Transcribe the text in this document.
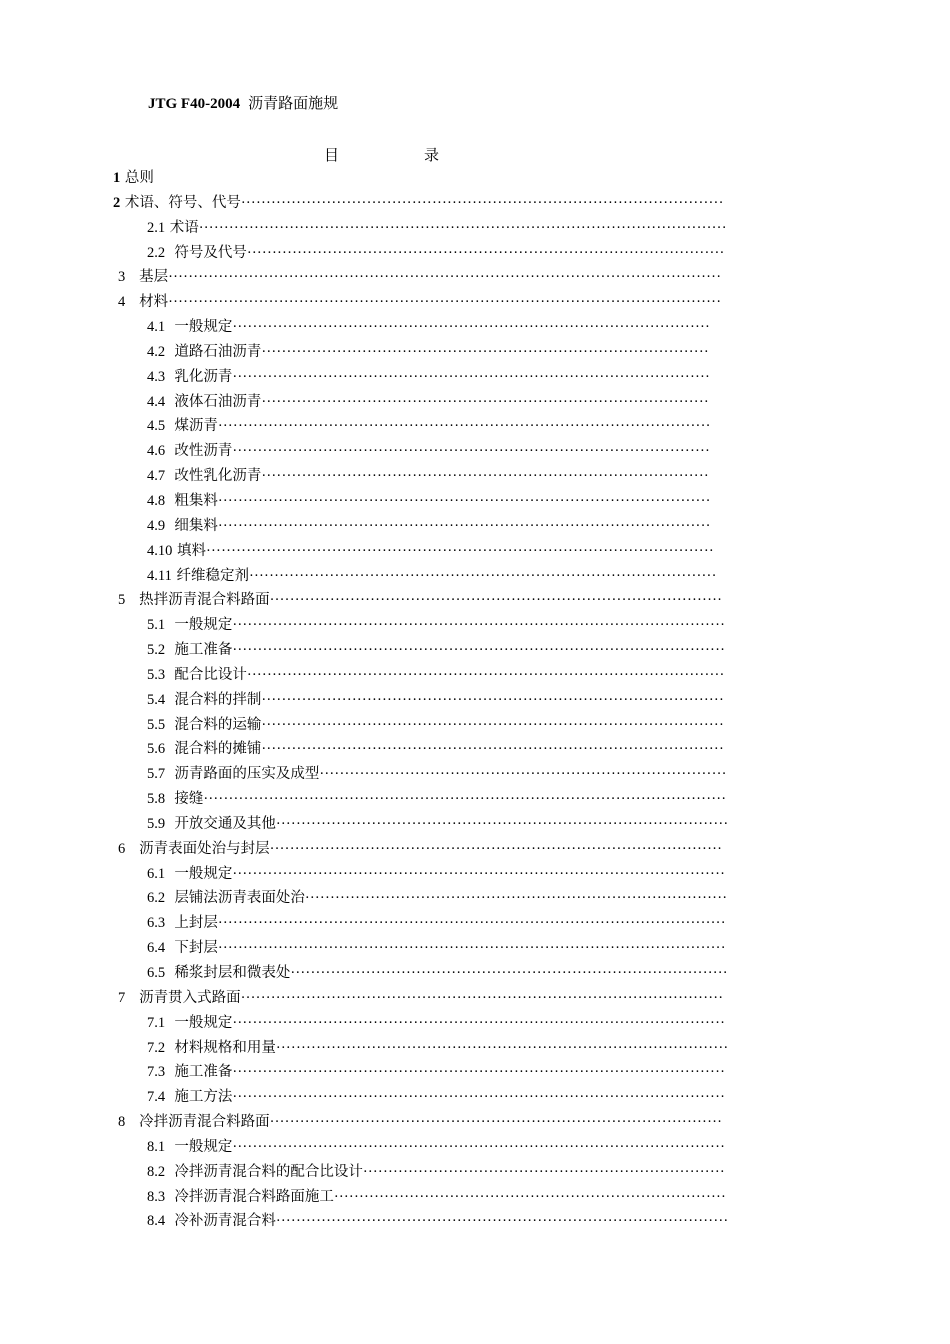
JTG F40-2004 沥青路面施规
目	录
1 总则
2 术语、符号、代号································································································
2.1 术语·········································································································
2.2 符号及代号·······························································································
3 基层··············································································································
4 材料··············································································································
4.1 一般规定·······························································································
4.2 道路石油沥青·························································································
4.3 乳化沥青·······························································································
4.4 液体石油沥青·························································································
4.5 煤沥青··································································································
4.6 改性沥青·······························································································
4.7 改性乳化沥青·························································································
4.8 粗集料··································································································
4.9 细集料··································································································
4.10 填料·····································································································
4.11 纤维稳定剂·····························································································
5 热拌沥青混合料路面··························································································
5.1 一般规定··································································································
5.2 施工准备··································································································
5.3 配合比设计·······························································································
5.4 混合料的拌制····························································································
5.5 混合料的运输····························································································
5.6 混合料的摊铺····························································································
5.7 沥青路面的压实及成型·················································································
5.8 接缝········································································································
5.9 开放交通及其他··························································································
6 沥青表面处治与封层··························································································
6.1 一般规定··································································································
6.2 层铺法沥青表面处治····················································································
6.3 上封层·····································································································
6.4 下封层·····································································································
6.5 稀浆封层和微表处·······················································································
7 沥青贯入式路面································································································
7.1 一般规定··································································································
7.2 材料规格和用量··························································································
7.3 施工准备··································································································
7.4 施工方法··································································································
8 冷拌沥青混合料路面··························································································
8.1 一般规定··································································································
8.2 冷拌沥青混合料的配合比设计········································································
8.3 冷拌沥青混合料路面施工··············································································
8.4 冷补沥青混合料··························································································
